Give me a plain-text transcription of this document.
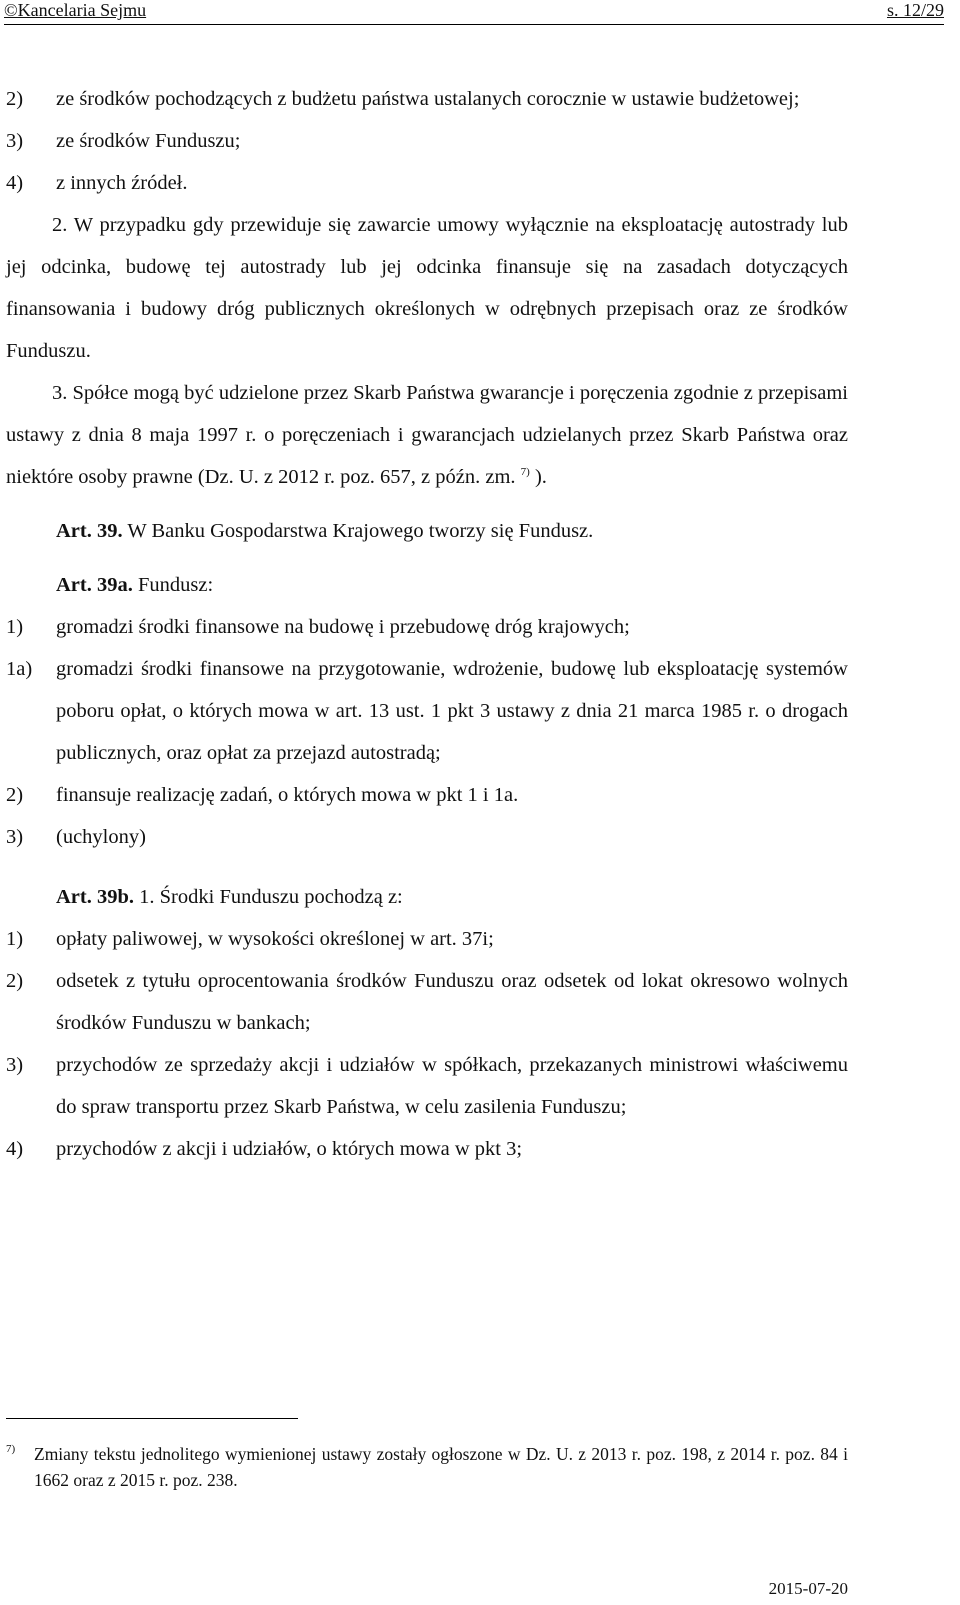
©Kancelaria Sejmu	s. 12/29
2)	ze środków pochodzących z budżetu państwa ustalanych corocznie w ustawie budżetowej;
3)	ze środków Funduszu;
4)	z innych źródeł.
2. W przypadku gdy przewiduje się zawarcie umowy wyłącznie na eksploatację autostrady lub jej odcinka, budowę tej autostrady lub jej odcinka finansuje się na zasadach dotyczących finansowania i budowy dróg publicznych określonych w odrębnych przepisach oraz ze środków Funduszu.
3. Spółce mogą być udzielone przez Skarb Państwa gwarancje i poręczenia zgodnie z przepisami ustawy z dnia 8 maja 1997 r. o poręczeniach i gwarancjach udzielanych przez Skarb Państwa oraz niektóre osoby prawne (Dz. U. z 2012 r. poz. 657, z późn. zm. $^{7)}$ ).
Art. 39. W Banku Gospodarstwa Krajowego tworzy się Fundusz.
Art. 39a. Fundusz:
1)	gromadzi środki finansowe na budowę i przebudowę dróg krajowych;
1a)	gromadzi środki finansowe na przygotowanie, wdrożenie, budowę lub eksploatację systemów poboru opłat, o których mowa w art. 13 ust. 1 pkt 3 ustawy z dnia 21 marca 1985 r. o drogach publicznych, oraz opłat za przejazd autostradą;
2)	finansuje realizację zadań, o których mowa w pkt 1 i 1a.
3)	(uchylony)
Art. 39b. 1. Środki Funduszu pochodzą z:
1)	opłaty paliwowej, w wysokości określonej w art. 37i;
2)	odsetek z tytułu oprocentowania środków Funduszu oraz odsetek od lokat okresowo wolnych środków Funduszu w bankach;
3)	przychodów ze sprzedaży akcji i udziałów w spółkach, przekazanych ministrowi właściwemu do spraw transportu przez Skarb Państwa, w celu zasilenia Funduszu;
4)	przychodów z akcji i udziałów, o których mowa w pkt 3;
7)	Zmiany tekstu jednolitego wymienionej ustawy zostały ogłoszone w Dz. U. z 2013 r. poz. 198, z 2014 r. poz. 84 i 1662 oraz z 2015 r. poz. 238.
2015-07-20
